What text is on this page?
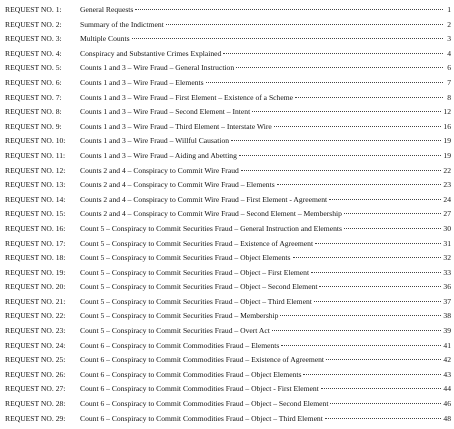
REQUEST NO. 1:	General Requests	1
REQUEST NO. 2:	Summary of the Indictment	2
REQUEST NO. 3:	Multiple Counts	3
REQUEST NO. 4:	Conspiracy and Substantive Crimes Explained	4
REQUEST NO. 5:	Counts 1 and 3 – Wire Fraud – General Instruction	6
REQUEST NO. 6:	Counts 1 and 3 – Wire Fraud – Elements	7
REQUEST NO. 7:	Counts 1 and 3 – Wire Fraud – First Element – Existence of a Scheme	8
REQUEST NO. 8:	Counts 1 and 3 – Wire Fraud – Second Element – Intent	12
REQUEST NO. 9:	Counts 1 and 3 – Wire Fraud – Third Element – Interstate Wire	16
REQUEST NO. 10:	Counts 1 and 3 – Wire Fraud – Willful Causation	19
REQUEST NO. 11:	Counts 1 and 3 – Wire Fraud – Aiding and Abetting	19
REQUEST NO. 12:	Counts 2 and 4 – Conspiracy to Commit Wire Fraud	22
REQUEST NO. 13:	Counts 2 and 4 – Conspiracy to Commit Wire Fraud – Elements	23
REQUEST NO. 14:	Counts 2 and 4 – Conspiracy to Commit Wire Fraud – First Element - Agreement	24
REQUEST NO. 15:	Counts 2 and 4 – Conspiracy to Commit Wire Fraud – Second Element – Membership	27
REQUEST NO. 16:	Count 5 – Conspiracy to Commit Securities Fraud – General Instruction and Elements	30
REQUEST NO. 17:	Count 5 – Conspiracy to Commit Securities Fraud – Existence of Agreement	31
REQUEST NO. 18:	Count 5 – Conspiracy to Commit Securities Fraud – Object Elements	32
REQUEST NO. 19:	Count 5 – Conspiracy to Commit Securities Fraud – Object – First Element	33
REQUEST NO. 20:	Count 5 – Conspiracy to Commit Securities Fraud – Object – Second Element	36
REQUEST NO. 21:	Count 5 – Conspiracy to Commit Securities Fraud – Object – Third Element	37
REQUEST NO. 22:	Count 5 – Conspiracy to Commit Securities Fraud – Membership	38
REQUEST NO. 23:	Count 5 – Conspiracy to Commit Securities Fraud – Overt Act	39
REQUEST NO. 24:	Count 6 – Conspiracy to Commit Commodities Fraud – Elements	41
REQUEST NO. 25:	Count 6 – Conspiracy to Commit Commodities Fraud – Existence of Agreement	42
REQUEST NO. 26:	Count 6 – Conspiracy to Commit Commodities Fraud – Object Elements	43
REQUEST NO. 27:	Count 6 – Conspiracy to Commit Commodities Fraud – Object - First Element	44
REQUEST NO. 28:	Count 6 – Conspiracy to Commit Commodities Fraud – Object – Second Element	46
REQUEST NO. 29:	Count 6 – Conspiracy to Commit Commodities Fraud – Object – Third Element	48
